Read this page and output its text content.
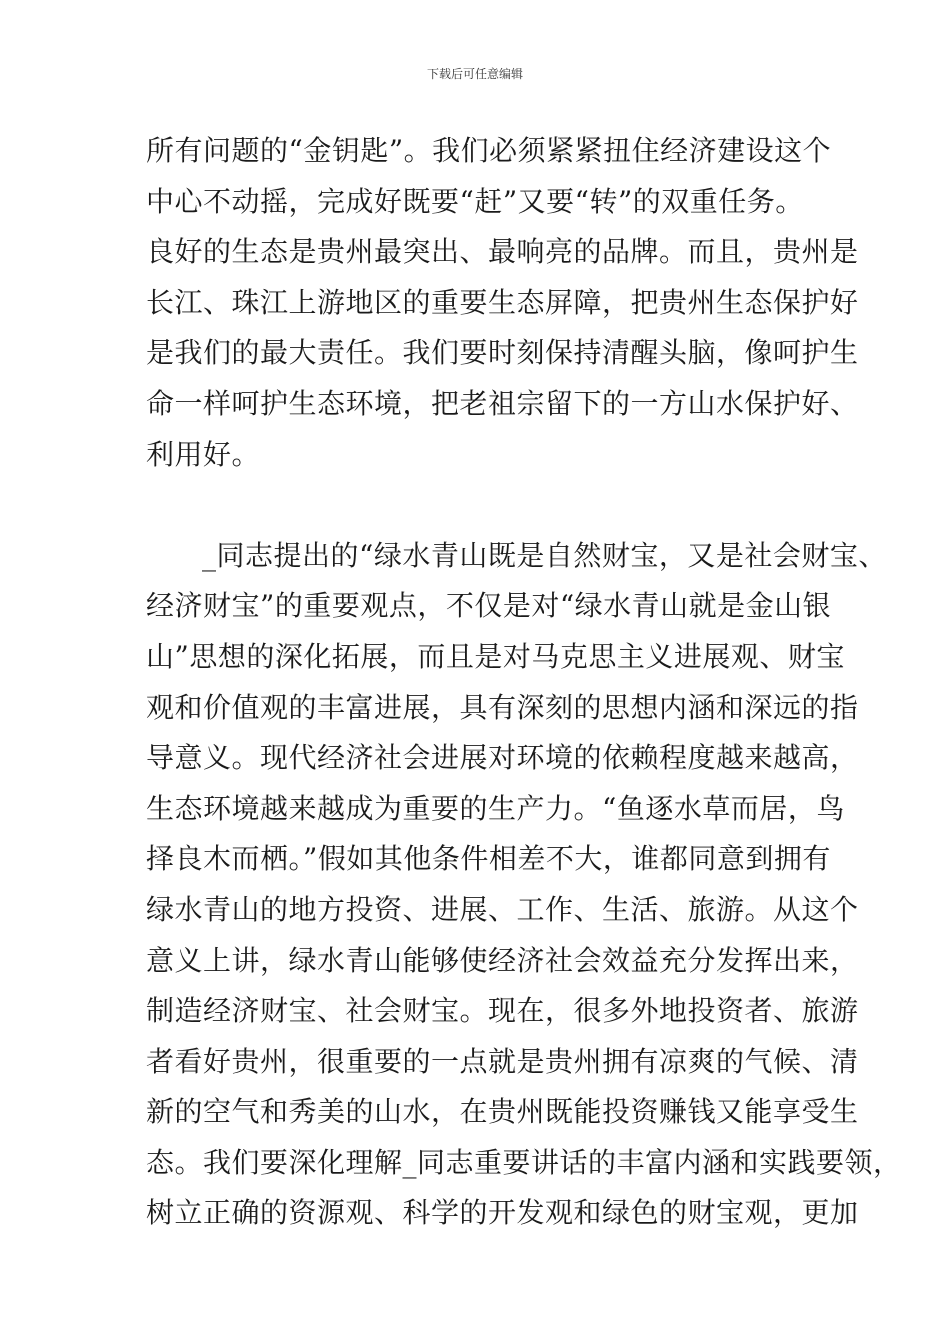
下载后可任意编辑
所有问题的“金钥匙”。我们必须紧紧扭住经济建设这个
中心不动摇，完成好既要“赶”又要“转”的双重任务。
良好的生态是贵州最突出、最响亮的品牌。而且，贵州是
长江、珠江上游地区的重要生态屏障，把贵州生态保护好
是我们的最大责任。我们要时刻保持清醒头脑，像呵护生
命一样呵护生态环境，把老祖宗留下的一方山水保护好、
利用好。
_同志提出的“绿水青山既是自然财宝，又是社会财宝、
经济财宝”的重要观点，不仅是对“绿水青山就是金山银
山”思想的深化拓展，而且是对马克思主义进展观、财宝
观和价值观的丰富进展，具有深刻的思想内涵和深远的指
导意义。现代经济社会进展对环境的依赖程度越来越高，
生态环境越来越成为重要的生产力。“鱼逐水草而居，鸟
择良木而栖。”假如其他条件相差不大，谁都同意到拥有
绿水青山的地方投资、进展、工作、生活、旅游。从这个
意义上讲，绿水青山能够使经济社会效益充分发挥出来，
制造经济财宝、社会财宝。现在，很多外地投资者、旅游
者看好贵州，很重要的一点就是贵州拥有凉爽的气候、清
新的空气和秀美的山水，在贵州既能投资赚钱又能享受生
态。我们要深化理解_同志重要讲话的丰富内涵和实践要领，
树立正确的资源观、科学的开发观和绿色的财宝观，更加
